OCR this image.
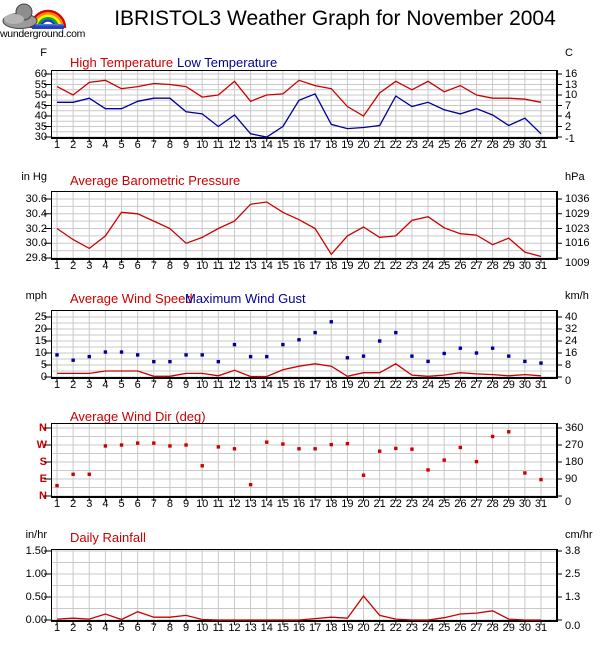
wunderground.com
IBRISTOL3 Weather Graph for November 2004
F	C
High Temperature Low Temperature
60	16
55	13
50	10
45	7
40	4
35	2
30	-1
1 2 3 4 5 6 7 8 9 10 11 12 13 14 15 16 17 18 19 20 21 22 23 24 25 26 27 28 29 30 31
in Hg	hPa
Average Barometric Pressure
30.6	1036
30.4	1029
30.2	1023
30.0	1016
29.8	1009
1 2 3 4 5 6 7 8 9 10 11 12 13 14 15 16 17 18 19 20 21 22 23 24 25 26 27 28 29 30 31
mph	km/h
Average Wind Speed
Maximum Wind Gust
25	40
20	32
15	24
10	16
5	8
0	0
1 2 3 4 5 6 7 8 9 10 11 12 13 14 15 16 17 18 19 20 21 22 23 24 25 26 27 28 29 30 31
Average Wind Dir (deg)
N	360
W	270
S	180
E	90
N	0
1 2 3 4 5 6 7 8 9 10 11 12 13 14 15 16 17 18 19 20 21 22 23 24 25 26 27 28 29 30 31
in/hr	cm/hr
Daily Rainfall
1.50	3.8
1.00	2.5
0.50	1.3
0.00	0.0
1 2 3 4 5 6 7 8 9 10 11 12 13 14 15 16 17 18 19 20 21 22 23 24 25 26 27 28 29 30 31
